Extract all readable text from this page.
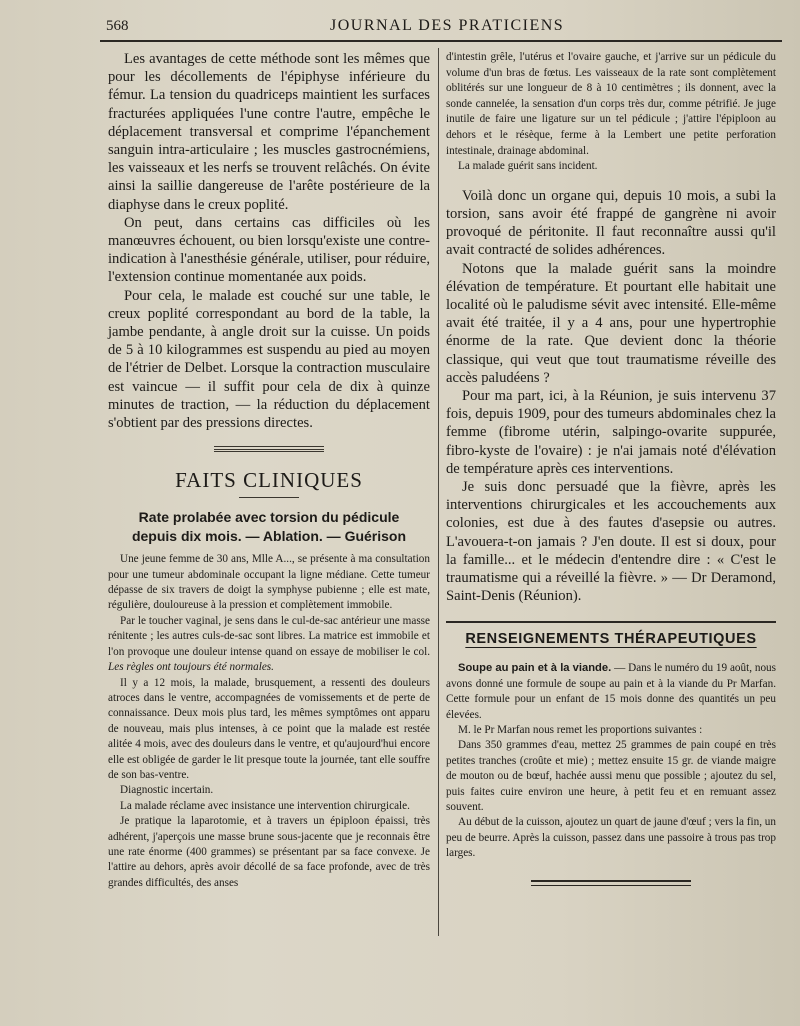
568	JOURNAL DES PRATICIENS

Les avantages de cette méthode sont les mêmes que pour les décollements de l'épiphyse inférieure du fémur. La tension du quadriceps maintient les surfaces fracturées appliquées l'une contre l'autre, empêche le déplacement transversal et comprime l'épanchement sanguin intra-articulaire ; les muscles gastrocnémiens, les vaisseaux et les nerfs se trouvent relâchés. On évite ainsi la saillie dangereuse de l'arête postérieure de la diaphyse dans le creux poplité.

On peut, dans certains cas difficiles où les manœuvres échouent, ou bien lorsqu'existe une contre-indication à l'anesthésie générale, utiliser, pour réduire, l'extension continue momentanée aux poids.

Pour cela, le malade est couché sur une table, le creux poplité correspondant au bord de la table, la jambe pendante, à angle droit sur la cuisse. Un poids de 5 à 10 kilogrammes est suspendu au pied au moyen de l'étrier de Delbet. Lorsque la contraction musculaire est vaincue — il suffit pour cela de dix à quinze minutes de traction, — la réduction du déplacement s'obtient par des pressions directes.

FAITS CLINIQUES
Rate prolabée avec torsion du pédicule
depuis dix mois. — Ablation. — Guérison

Une jeune femme de 30 ans, Mlle A..., se présente à ma consultation pour une tumeur abdominale occupant la ligne médiane. Cette tumeur dépasse de six travers de doigt la symphyse pubienne ; elle est mate, régulière, douloureuse à la pression et complètement immobile.

Par le toucher vaginal, je sens dans le cul-de-sac antérieur une masse rénitente ; les autres culs-de-sac sont libres. La matrice est immobile et l'on provoque une douleur intense quand on essaye de mobiliser le col. Les règles ont toujours été normales.

Il y a 12 mois, la malade, brusquement, a ressenti des douleurs atroces dans le ventre, accompagnées de vomissements et de perte de connaissance. Deux mois plus tard, les mêmes symptômes ont apparu de nouveau, mais plus intenses, à ce point que la malade est restée alitée 4 mois, avec des douleurs dans le ventre, et qu'aujourd'hui encore elle est obligée de garder le lit presque toute la journée, tant elle souffre de son bas-ventre.

Diagnostic incertain.

La malade réclame avec insistance une intervention chirurgicale.

Je pratique la laparotomie, et à travers un épiploon épaissi, très adhérent, j'aperçois une masse brune sous-jacente que je reconnais être une rate énorme (400 grammes) se présentant par sa face convexe. Je l'attire au dehors, après avoir décollé de sa face profonde, avec de très grandes difficultés, des anses

d'intestin grêle, l'utérus et l'ovaire gauche, et j'arrive sur un pédicule du volume d'un bras de fœtus. Les vaisseaux de la rate sont complètement oblitérés sur une longueur de 8 à 10 centimètres ; ils donnent, avec la sonde cannelée, la sensation d'un corps très dur, comme pétrifié. Je juge inutile de faire une ligature sur un tel pédicule ; j'attire l'épiploon au dehors et le résèque, ferme à la Lembert une petite perforation intestinale, drainage abdominal.

La malade guérit sans incident.

Voilà donc un organe qui, depuis 10 mois, a subi la torsion, sans avoir été frappé de gangrène ni avoir provoqué de péritonite. Il faut reconnaître aussi qu'il avait contracté de solides adhérences.

Notons que la malade guérit sans la moindre élévation de température. Et pourtant elle habitait une localité où le paludisme sévit avec intensité. Elle-même avait été traitée, il y a 4 ans, pour une hypertrophie énorme de la rate. Que devient donc la théorie classique, qui veut que tout traumatisme réveille des accès paludéens ?

Pour ma part, ici, à la Réunion, je suis intervenu 37 fois, depuis 1909, pour des tumeurs abdominales chez la femme (fibrome utérin, salpingo-ovarite suppurée, fibro-kyste de l'ovaire) : je n'ai jamais noté d'élévation de température après ces interventions.

Je suis donc persuadé que la fièvre, après les interventions chirurgicales et les accouchements aux colonies, est due à des fautes d'asepsie ou autres. L'avouera-t-on jamais ? J'en doute. Il est si doux, pour la famille... et le médecin d'entendre dire : « C'est le traumatisme qui a réveillé la fièvre. » — Dr Deramond, Saint-Denis (Réunion).

RENSEIGNEMENTS THÉRAPEUTIQUES

Soupe au pain et à la viande. — Dans le numéro du 19 août, nous avons donné une formule de soupe au pain et à la viande du Pr Marfan. Cette formule pour un enfant de 15 mois donne des quantités un peu élevées.

M. le Pr Marfan nous remet les proportions suivantes :

Dans 350 grammes d'eau, mettez 25 grammes de pain coupé en très petites tranches (croûte et mie) ; mettez ensuite 15 gr. de viande maigre de mouton ou de bœuf, hachée aussi menu que possible ; ajoutez du sel, puis faites cuire environ une heure, à petit feu et en remuant assez souvent.

Au début de la cuisson, ajoutez un quart de jaune d'œuf ; vers la fin, un peu de beurre. Après la cuisson, passez dans une passoire à trous pas trop larges.
